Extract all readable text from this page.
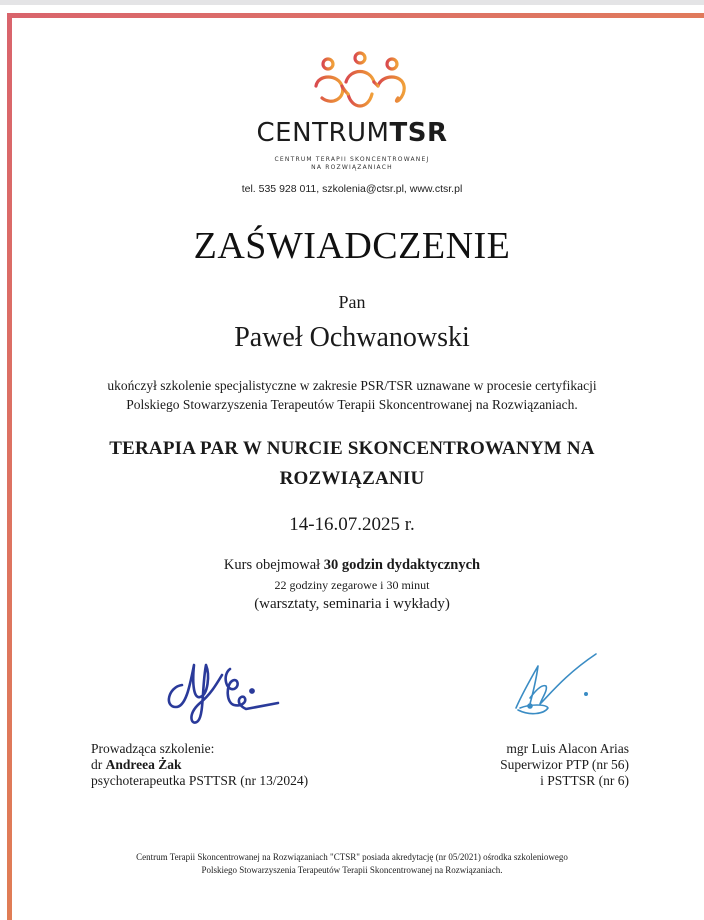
CENTRUMTSR
CENTRUM TERAPII SKONCENTROWANEJ
NA ROZWIĄZANIACH
tel. 535 928 011, szkolenia@ctsr.pl, www.ctsr.pl
ZAŚWIADCZENIE
Pan
Paweł Ochwanowski
ukończył szkolenie specjalistyczne w zakresie PSR/TSR uznawane w procesie certyfikacji
Polskiego Stowarzyszenia Terapeutów Terapii Skoncentrowanej na Rozwiązaniach.
TERAPIA PAR W NURCIE SKONCENTROWANYM NA
ROZWIĄZANIU
14-16.07.2025 r.
Kurs obejmował 30 godzin dydaktycznych
22 godziny zegarowe i 30 minut
(warsztaty, seminaria i wykłady)
Prowadząca szkolenie:
dr Andreea Żak
psychoterapeutka PSTTSR (nr 13/2024)
mgr Luis Alacon Arias
Superwizor PTP (nr 56)
i PSTTSR (nr 6)
Centrum Terapii Skoncentrowanej na Rozwiązaniach "CTSR" posiada akredytację (nr 05/2021) ośrodka szkoleniowego
Polskiego Stowarzyszenia Terapeutów Terapii Skoncentrowanej na Rozwiązaniach.
